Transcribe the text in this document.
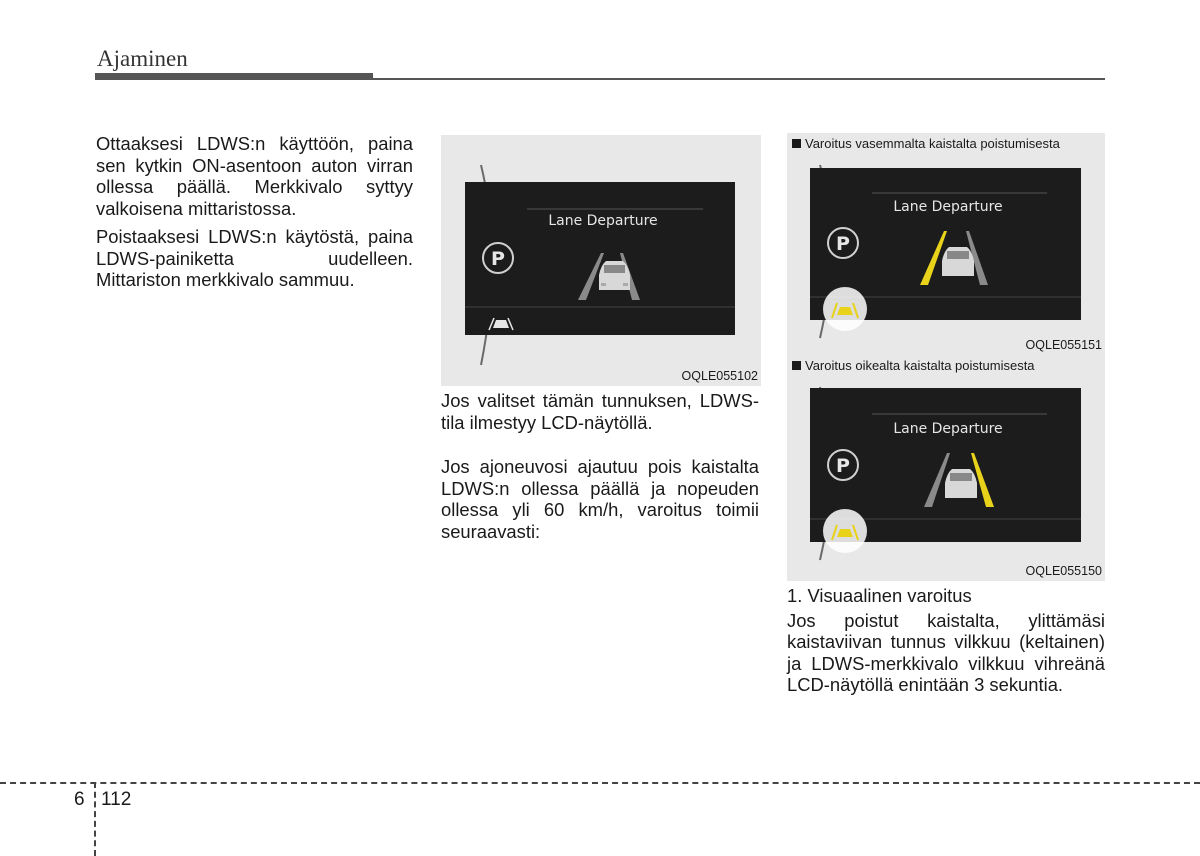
Ajaminen

Ottaaksesi LDWS:n käyttöön, paina sen kytkin ON-asentoon auton virran ollessa päällä. Merkkivalo syttyy valkoisena mittaristossa.

Poistaaksesi LDWS:n käytöstä, paina LDWS-painiketta uudelleen. Mittariston merkkivalo sammuu.

Lane Departure
P
OQLE055102

Jos valitset tämän tunnuksen, LDWS-tila ilmestyy LCD-näytöllä.

Jos ajoneuvosi ajautuu pois kaistalta LDWS:n ollessa päällä ja nopeuden ollessa yli 60 km/h, varoitus toimii seuraavasti:

Varoitus vasemmalta kaistalta poistumisesta
Lane Departure
P
OQLE055151
Varoitus oikealta kaistalta poistumisesta
Lane Departure
P
OQLE055150

1. Visuaalinen varoitus

Jos poistut kaistalta, ylittämäsi kaistaviivan tunnus vilkkuu (keltainen) ja LDWS-merkkivalo vilkkuu vihreänä LCD-näytöllä enintään 3 sekuntia.

6 112
